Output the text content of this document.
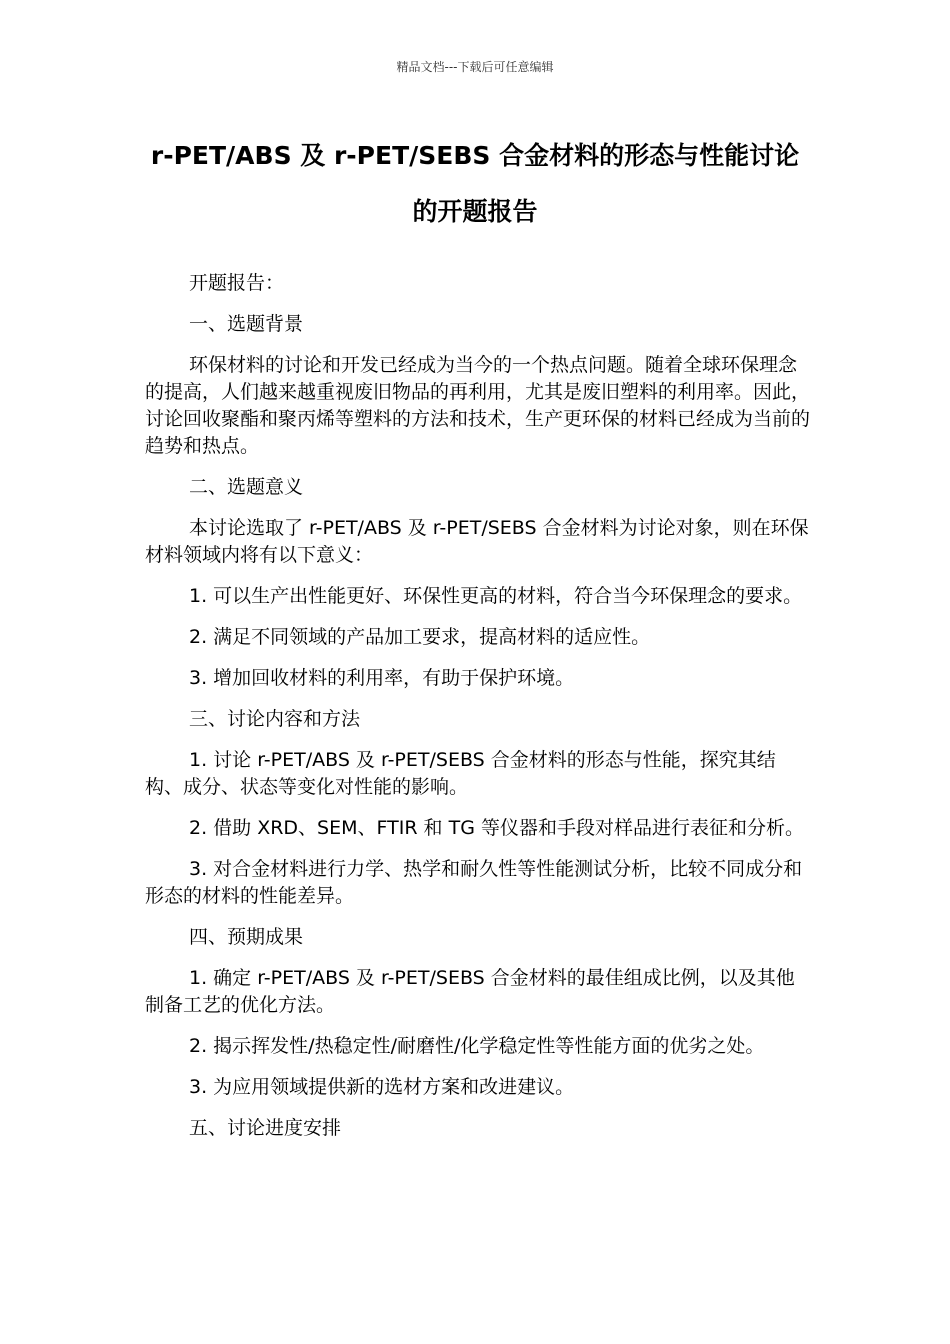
精品文档---下载后可任意编辑
r-PET/ABS 及 r-PET/SEBS 合金材料的形态与性能讨论的开题报告

开题报告：

一、选题背景

环保材料的讨论和开发已经成为当今的一个热点问题。随着全球环保理念的提高，人们越来越重视废旧物品的再利用，尤其是废旧塑料的利用率。因此，讨论回收聚酯和聚丙烯等塑料的方法和技术，生产更环保的材料已经成为当前的趋势和热点。

二、选题意义

本讨论选取了 r-PET/ABS 及 r-PET/SEBS 合金材料为讨论对象，则在环保材料领域内将有以下意义：

1. 可以生产出性能更好、环保性更高的材料，符合当今环保理念的要求。

2. 满足不同领域的产品加工要求，提高材料的适应性。

3. 增加回收材料的利用率，有助于保护环境。

三、讨论内容和方法

1. 讨论 r-PET/ABS 及 r-PET/SEBS 合金材料的形态与性能，探究其结构、成分、状态等变化对性能的影响。

2. 借助 XRD、SEM、FTIR 和 TG 等仪器和手段对样品进行表征和分析。

3. 对合金材料进行力学、热学和耐久性等性能测试分析，比较不同成分和形态的材料的性能差异。

四、预期成果

1. 确定 r-PET/ABS 及 r-PET/SEBS 合金材料的最佳组成比例，以及其他制备工艺的优化方法。

2. 揭示挥发性/热稳定性/耐磨性/化学稳定性等性能方面的优劣之处。

3. 为应用领域提供新的选材方案和改进建议。

五、讨论进度安排
